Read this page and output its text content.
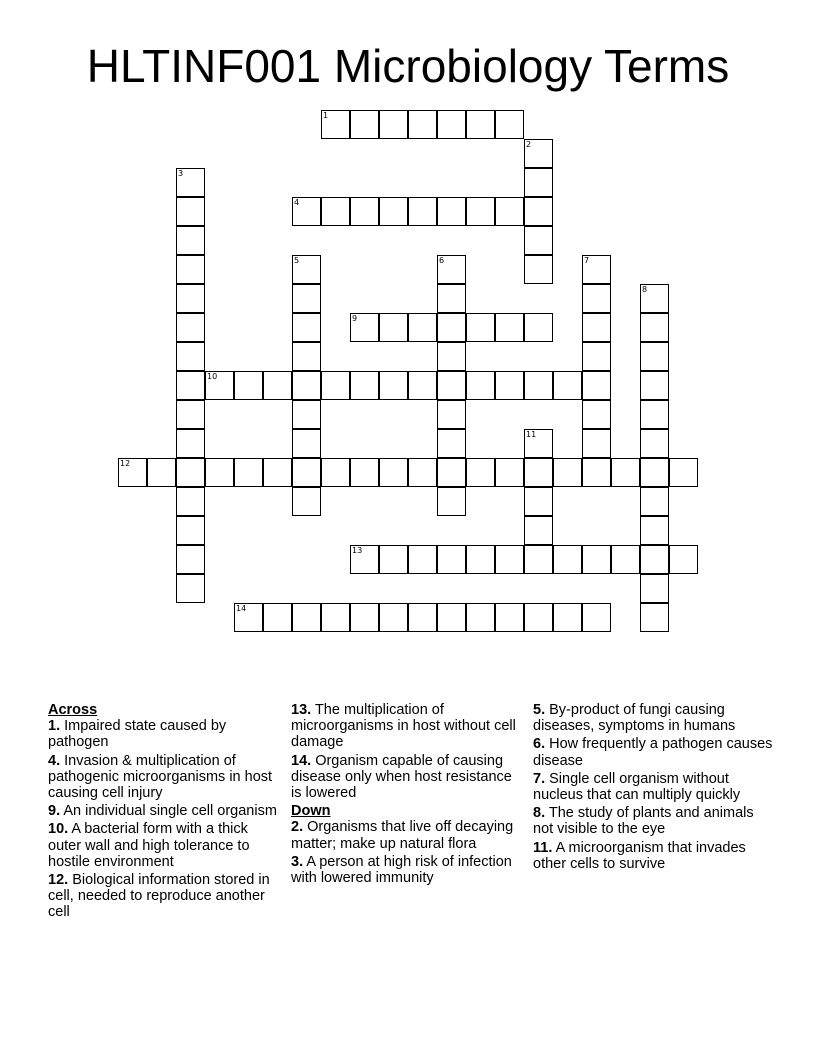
HLTINF001 Microbiology Terms
1
2
3
4
5	6	7
8
9
10
11
12
13
14

Across

1. Impaired state caused by pathogen

4. Invasion & multiplication of pathogenic microorganisms in host causing cell injury

9. An individual single cell organism

10. A bacterial form with a thick outer wall and high tolerance to hostile environment

12. Biological information stored in cell, needed to reproduce another cell

13. The multiplication of microorganisms in host without cell damage

14. Organism capable of causing disease only when host resistance is lowered

Down

2. Organisms that live off decaying matter; make up natural flora

3. A person at high risk of infection with lowered immunity

5. By-product of fungi causing diseases, symptoms in humans

6. How frequently a pathogen causes disease

7. Single cell organism without nucleus that can multiply quickly

8. The study of plants and animals not visible to the eye

11. A microorganism that invades other cells to survive
